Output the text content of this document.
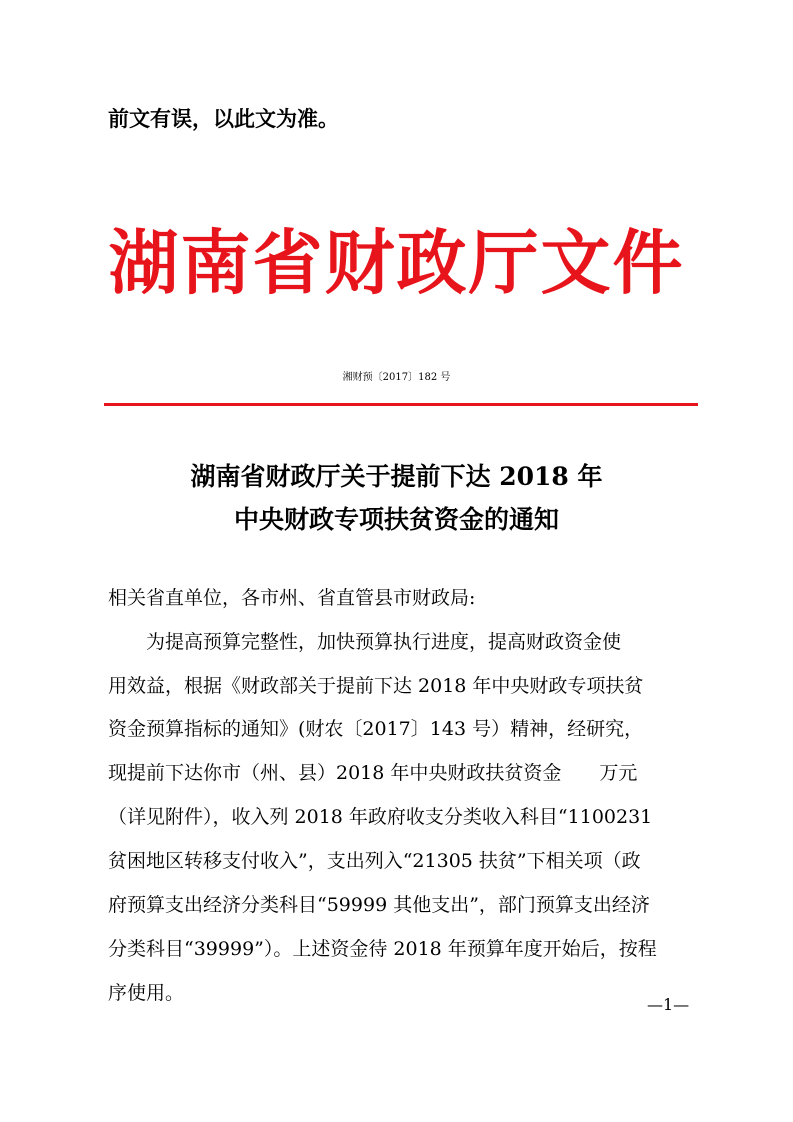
前文有误，以此文为准。
湖南省财政厅文件
湘财预〔2017〕182 号
湖南省财政厅关于提前下达 2018 年
中央财政专项扶贫资金的通知
相关省直单位，各市州、省直管县市财政局:
为提高预算完整性，加快预算执行进度，提高财政资金使
用效益，根据《财政部关于提前下达 2018 年中央财政专项扶贫
资金预算指标的通知》(财农〔2017〕143 号）精神，经研究，
现提前下达你市（州、县）2018 年中央财政扶贫资金　　万元
（详见附件），收入列 2018 年政府收支分类收入科目“1100231
贫困地区转移支付收入”，支出列入“21305 扶贫”下相关项（政
府预算支出经济分类科目“59999 其他支出”，部门预算支出经济
分类科目“39999”）。上述资金待 2018 年预算年度开始后，按程
序使用。
—1—
